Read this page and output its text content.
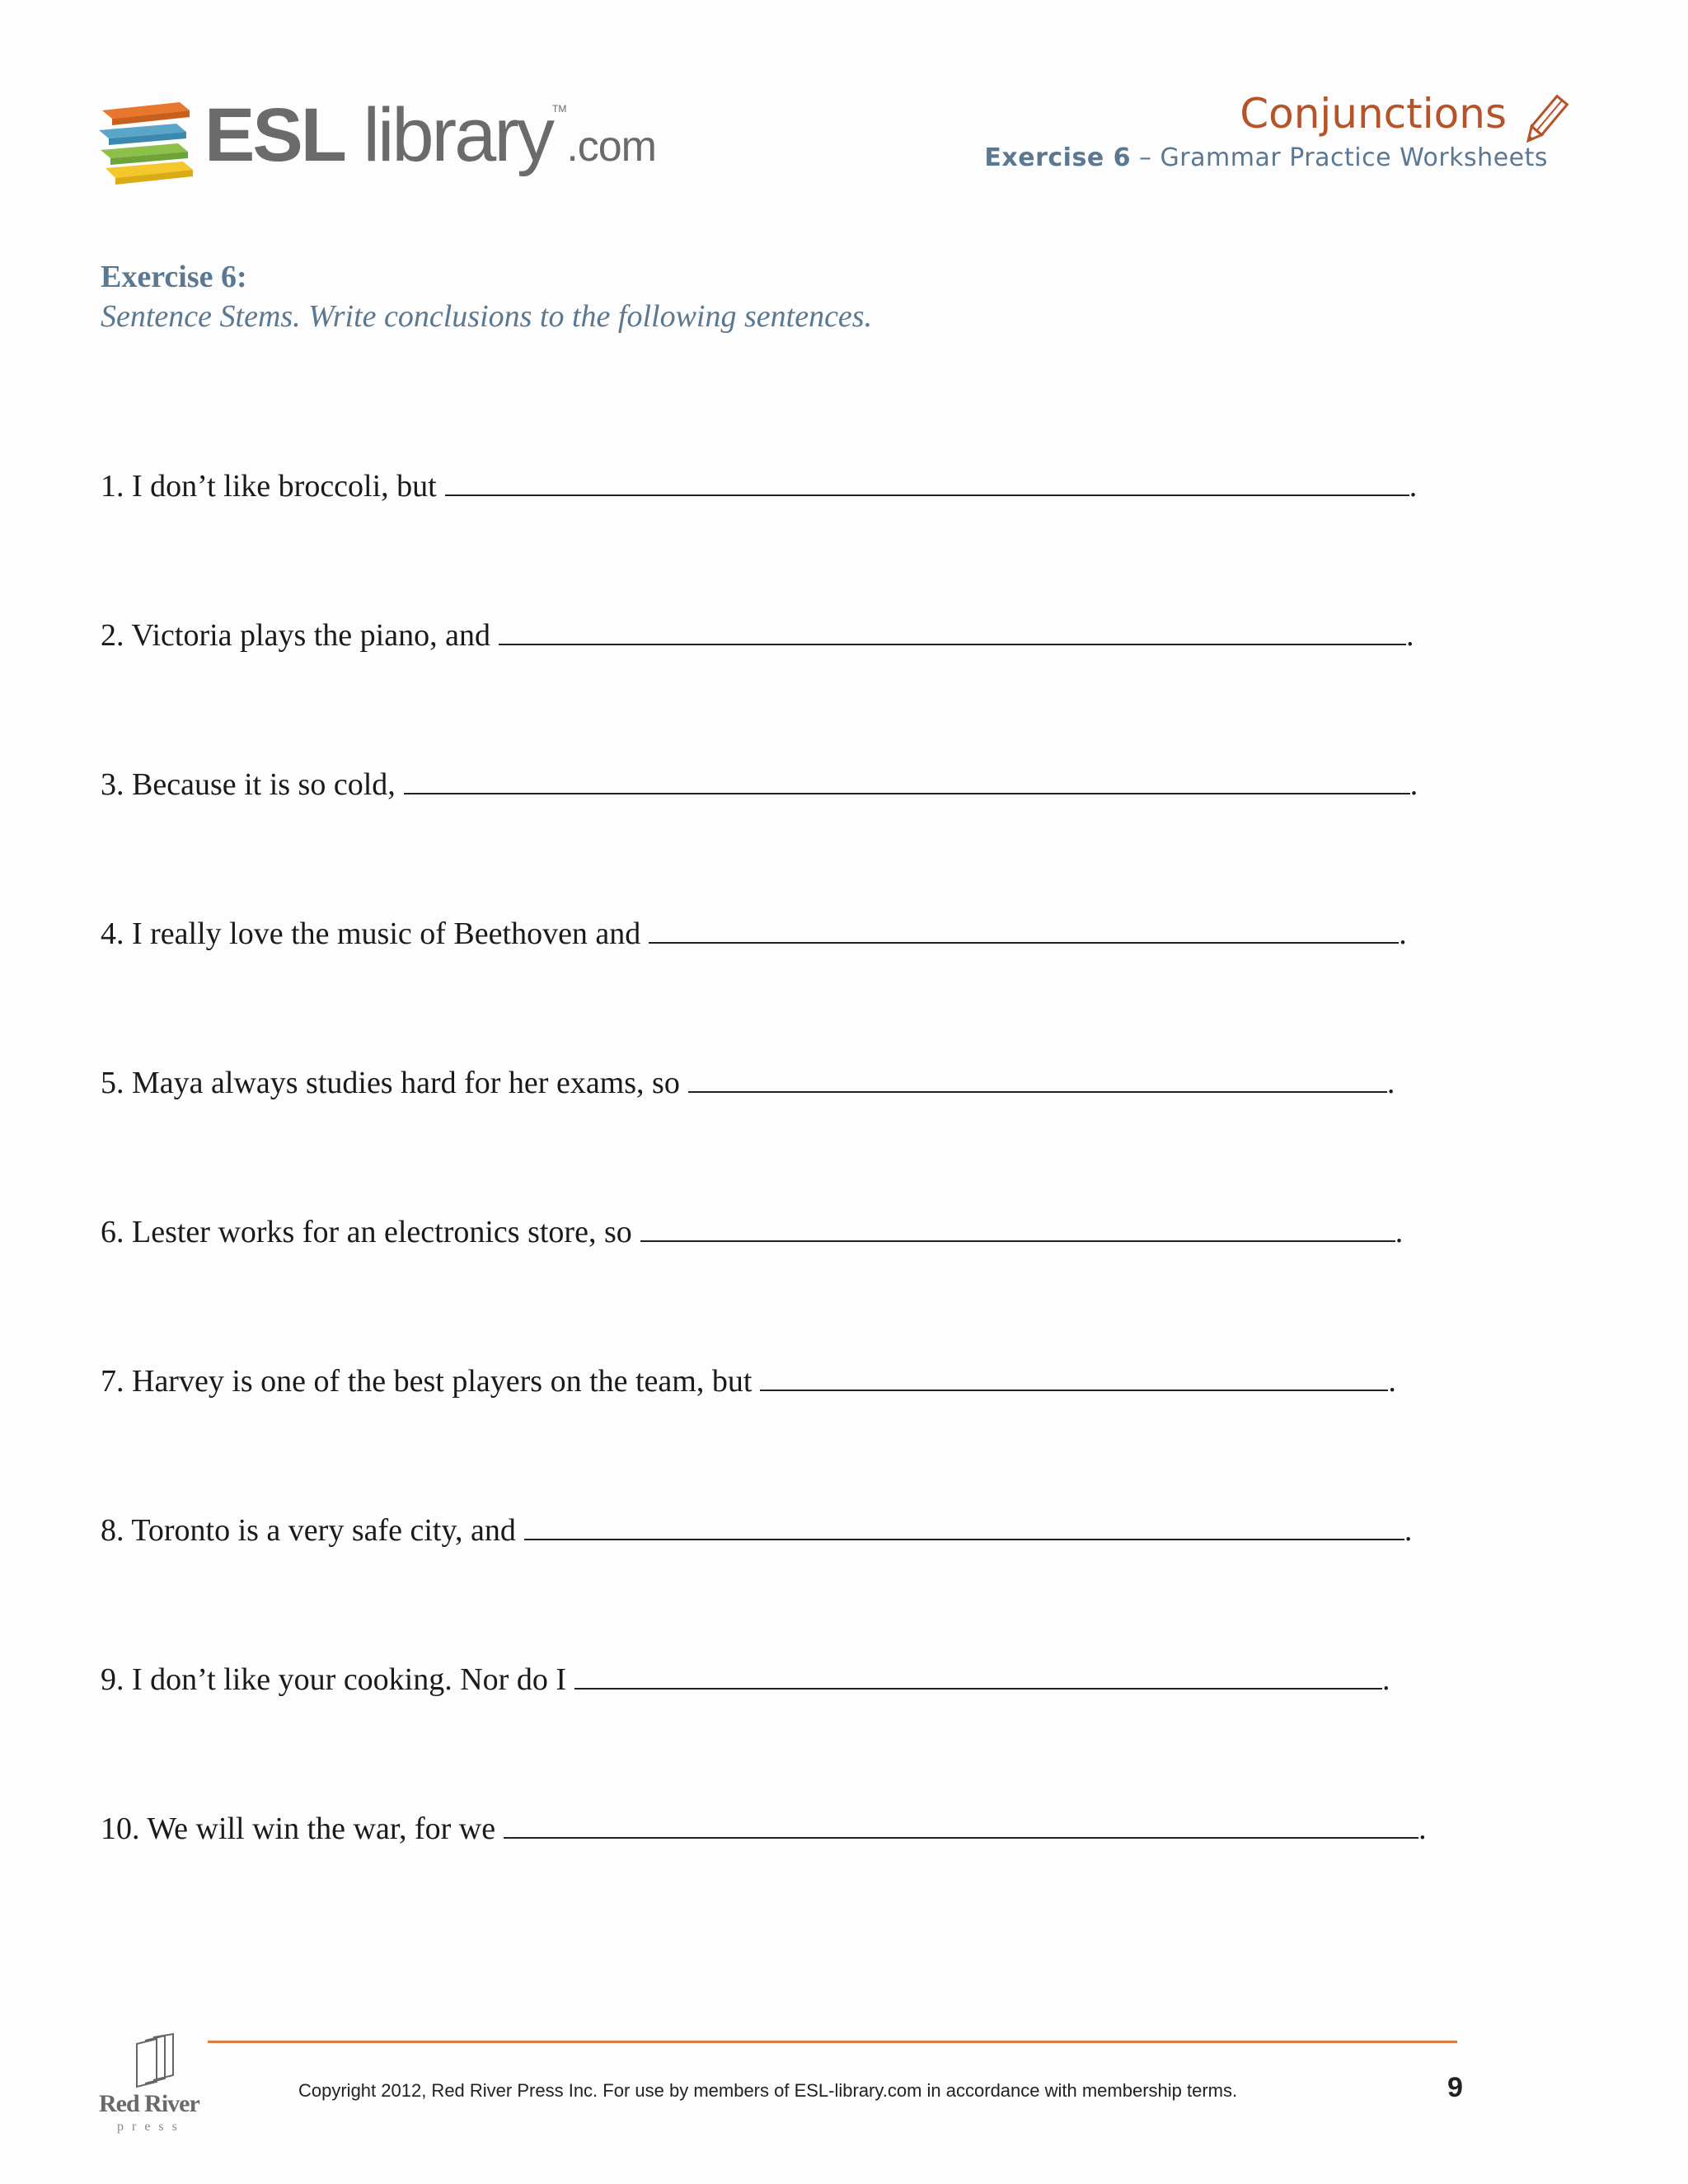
ESL library™.com
Conjunctions
Exercise 6 – Grammar Practice Worksheets
Exercise 6:
Sentence Stems. Write conclusions to the following sentences.
1. I don’t like broccoli, but	.
2. Victoria plays the piano, and	.
3. Because it is so cold,	.
4. I really love the music of Beethoven and	.
5. Maya always studies hard for her exams, so	.
6. Lester works for an electronics store, so	.
7. Harvey is one of the best players on the team, but	.
8. Toronto is a very safe city, and	.
9. I don’t like your cooking. Nor do I	.
10. We will win the war, for we	.
Red River
press
Copyright 2012, Red River Press Inc. For use by members of ESL-library.com in accordance with membership terms.	9
